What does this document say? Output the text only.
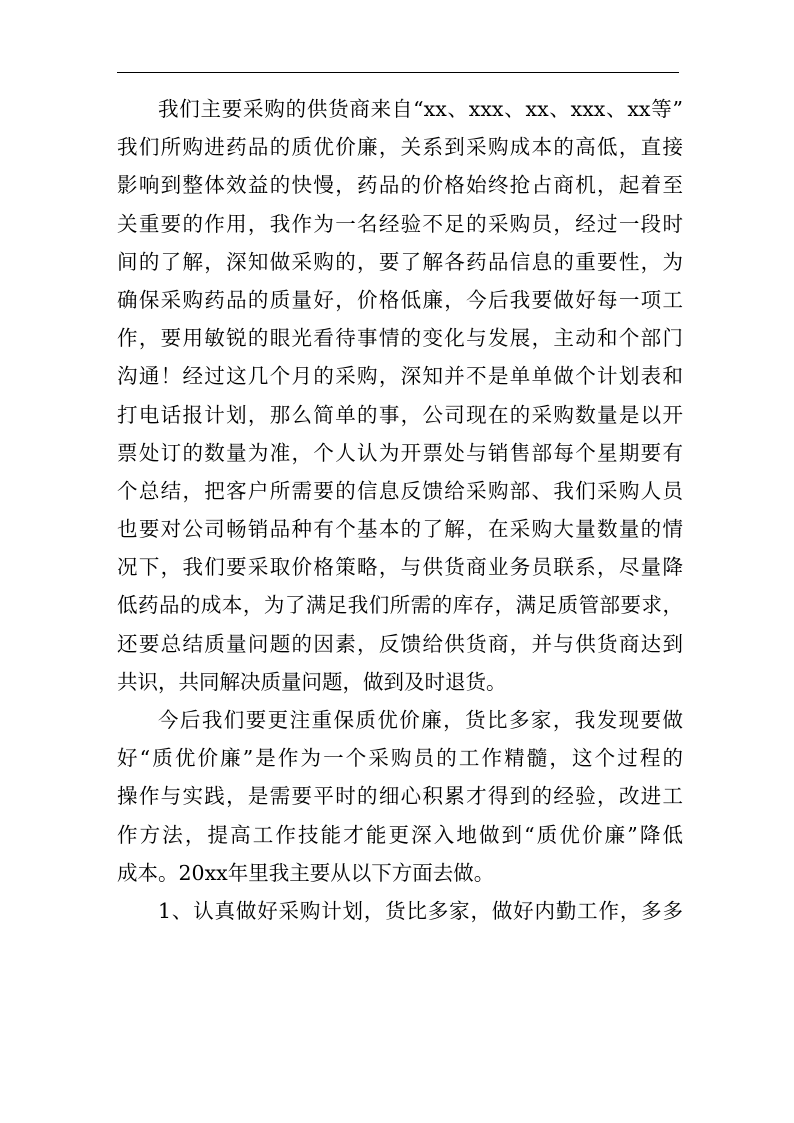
我们主要采购的供货商来自“xx、xxx、xx、xxx、xx等”
我们所购进药品的质优价廉，关系到采购成本的高低，直接
影响到整体效益的快慢，药品的价格始终抢占商机，起着至
关重要的作用，我作为一名经验不足的采购员，经过一段时
间的了解，深知做采购的，要了解各药品信息的重要性，为
确保采购药品的质量好，价格低廉，今后我要做好每一项工
作，要用敏锐的眼光看待事情的变化与发展，主动和个部门
沟通！经过这几个月的采购，深知并不是单单做个计划表和
打电话报计划，那么简单的事，公司现在的采购数量是以开
票处订的数量为准，个人认为开票处与销售部每个星期要有
个总结，把客户所需要的信息反馈给采购部、我们采购人员
也要对公司畅销品种有个基本的了解，在采购大量数量的情
况下，我们要采取价格策略，与供货商业务员联系，尽量降
低药品的成本，为了满足我们所需的库存，满足质管部要求，
还要总结质量问题的因素，反馈给供货商，并与供货商达到
共识，共同解决质量问题，做到及时退货。
今后我们要更注重保质优价廉，货比多家，我发现要做
好“质优价廉”是作为一个采购员的工作精髓，这个过程的
操作与实践，是需要平时的细心积累才得到的经验，改进工
作方法，提高工作技能才能更深入地做到“质优价廉”降低
成本。20xx年里我主要从以下方面去做。
1、认真做好采购计划，货比多家，做好内勤工作，多多
